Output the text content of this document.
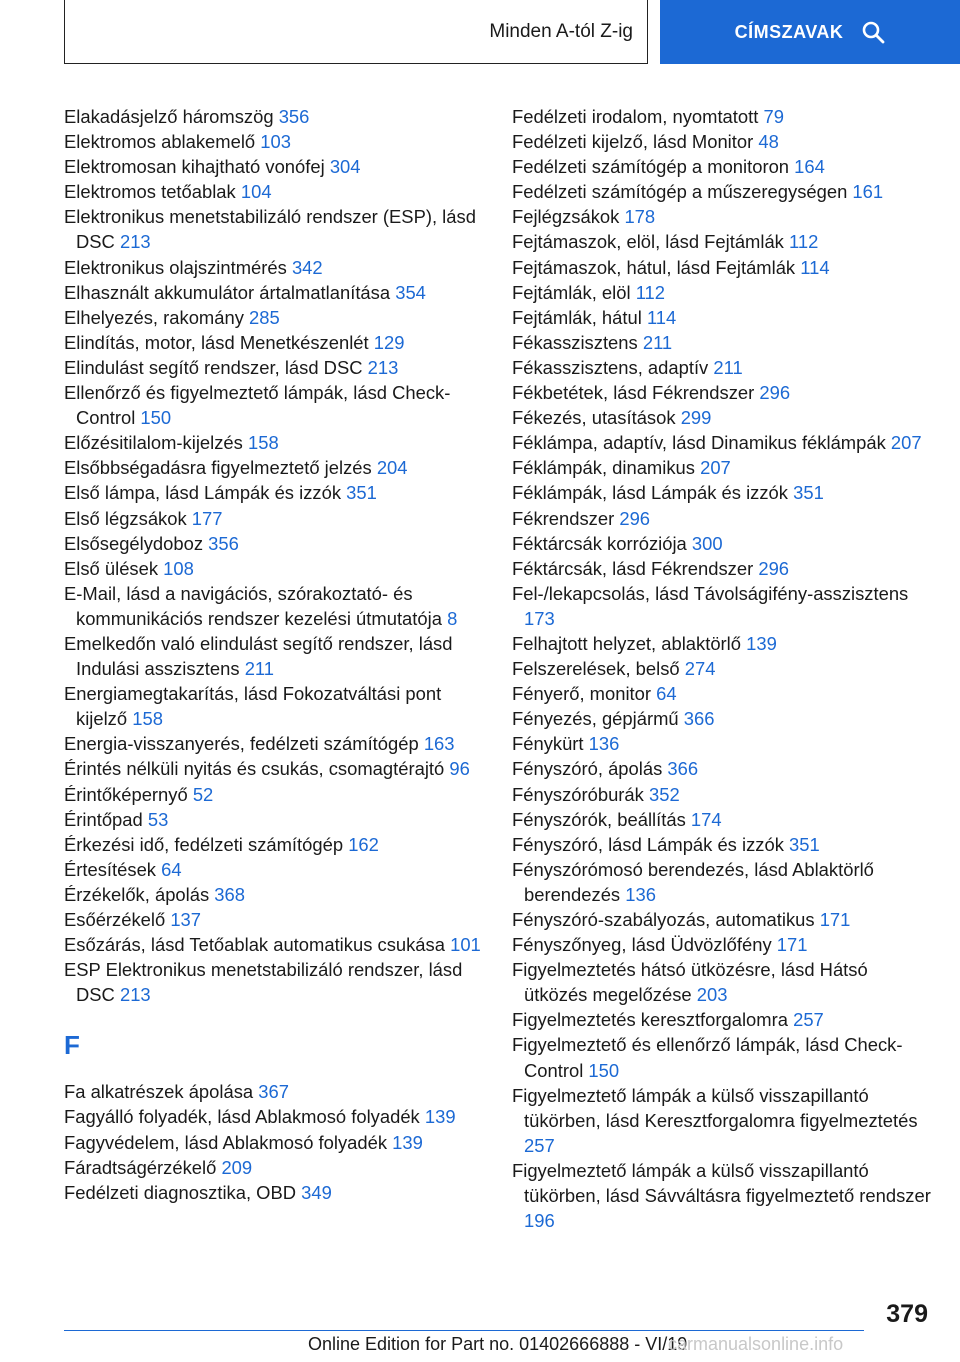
Minden A-tól Z-ig	CÍMSZAVAK
Elakadásjelző háromszög 356
Elektromos ablakemelő 103
Elektromosan kihajtható vonófej 304
Elektromos tetőablak 104
Elektronikus menetstabilizáló rendszer (ESP), lásd DSC 213
Elektronikus olajszintmérés 342
Elhasznált akkumulátor ártalmatlanítása 354
Elhelyezés, rakomány 285
Elindítás, motor, lásd Menetkészenlét 129
Elindulást segítő rendszer, lásd DSC 213
Ellenőrző és figyelmeztető lámpák, lásd Check-Control 150
Előzésitilalom-kijelzés 158
Elsőbbségadásra figyelmeztető jelzés 204
Első lámpa, lásd Lámpák és izzók 351
Első légzsákok 177
Elsősegélydoboz 356
Első ülések 108
E-Mail, lásd a navigációs, szórakoztató- és kommunikációs rendszer kezelési útmutatója 8
Emelkedőn való elindulást segítő rendszer, lásd Indulási asszisztens 211
Energiamegtakarítás, lásd Fokozatváltási pont kijelző 158
Energia-visszanyerés, fedélzeti számítógép 163
Érintés nélküli nyitás és csukás, csomagtérajtó 96
Érintőképernyő 52
Érintőpad 53
Érkezési idő, fedélzeti számítógép 162
Értesítések 64
Érzékelők, ápolás 368
Esőérzékelő 137
Esőzárás, lásd Tetőablak automatikus csukása 101
ESP Elektronikus menetstabilizáló rendszer, lásd DSC 213
F
Fa alkatrészek ápolása 367
Fagyálló folyadék, lásd Ablakmosó folyadék 139
Fagyvédelem, lásd Ablakmosó folyadék 139
Fáradtságérzékelő 209
Fedélzeti diagnosztika, OBD 349
Fedélzeti irodalom, nyomtatott 79
Fedélzeti kijelző, lásd Monitor 48
Fedélzeti számítógép a monitoron 164
Fedélzeti számítógép a műszeregységen 161
Fejlégzsákok 178
Fejtámaszok, elöl, lásd Fejtámlák 112
Fejtámaszok, hátul, lásd Fejtámlák 114
Fejtámlák, elöl 112
Fejtámlák, hátul 114
Fékasszisztens 211
Fékasszisztens, adaptív 211
Fékbetétek, lásd Fékrendszer 296
Fékezés, utasítások 299
Féklámpa, adaptív, lásd Dinamikus féklámpák 207
Féklámpák, dinamikus 207
Féklámpák, lásd Lámpák és izzók 351
Fékrendszer 296
Féktárcsák korróziója 300
Féktárcsák, lásd Fékrendszer 296
Fel-/lekapcsolás, lásd Távolságifény-asszisztens 173
Felhajtott helyzet, ablaktörlő 139
Felszerelések, belső 274
Fényerő, monitor 64
Fényezés, gépjármű 366
Fénykürt 136
Fényszóró, ápolás 366
Fényszóróburák 352
Fényszórók, beállítás 174
Fényszóró, lásd Lámpák és izzók 351
Fényszórómosó berendezés, lásd Ablaktörlő berendezés 136
Fényszóró-szabályozás, automatikus 171
Fényszőnyeg, lásd Üdvözlőfény 171
Figyelmeztetés hátsó ütközésre, lásd Hátsó ütközés megelőzése 203
Figyelmeztetés keresztforgalomra 257
Figyelmeztető és ellenőrző lámpák, lásd Check-Control 150
Figyelmeztető lámpák a külső visszapillantó tükörben, lásd Keresztforgalomra figyelmeztetés 257
Figyelmeztető lámpák a külső visszapillantó tükörben, lásd Sávváltásra figyelmeztető rendszer 196
379
Online Edition for Part no. 01402666888 - VI/19
carmanualsonline.info
